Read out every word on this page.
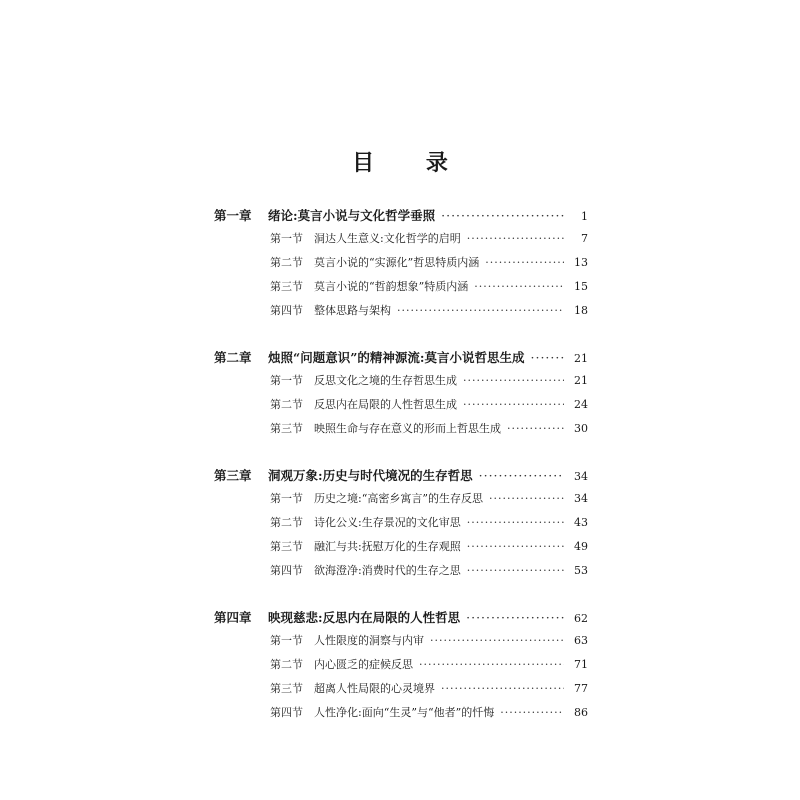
目 录
第一章	绪论:莫言小说与文化哲学垂照 ·····	1
第一节	洞达人生意义:文化哲学的启明 ·····	7
第二节	莫言小说的“实源化”哲思特质内涵 ·····	13
第三节	莫言小说的“哲韵想象”特质内涵 ·····	15
第四节	整体思路与架构 ·····	18
第二章	烛照“问题意识”的精神源流:莫言小说哲思生成 ·····	21
第一节	反思文化之境的生存哲思生成 ·····	21
第二节	反思内在局限的人性哲思生成 ·····	24
第三节	映照生命与存在意义的形而上哲思生成 ·····	30
第三章	洞观万象:历史与时代境况的生存哲思 ·····	34
第一节	历史之境:“高密乡寓言”的生存反思 ·····	34
第二节	诗化公义:生存景况的文化审思 ·····	43
第三节	融汇与共:抚慰万化的生存观照 ·····	49
第四节	欲海澄净:消费时代的生存之思 ·····	53
第四章	映现慈悲:反思内在局限的人性哲思 ·····	62
第一节	人性限度的洞察与内审 ·····	63
第二节	内心匮乏的症候反思 ·····	71
第三节	超离人性局限的心灵境界 ·····	77
第四节	人性净化:面向“生灵”与“他者”的忏悔 ·····	86
